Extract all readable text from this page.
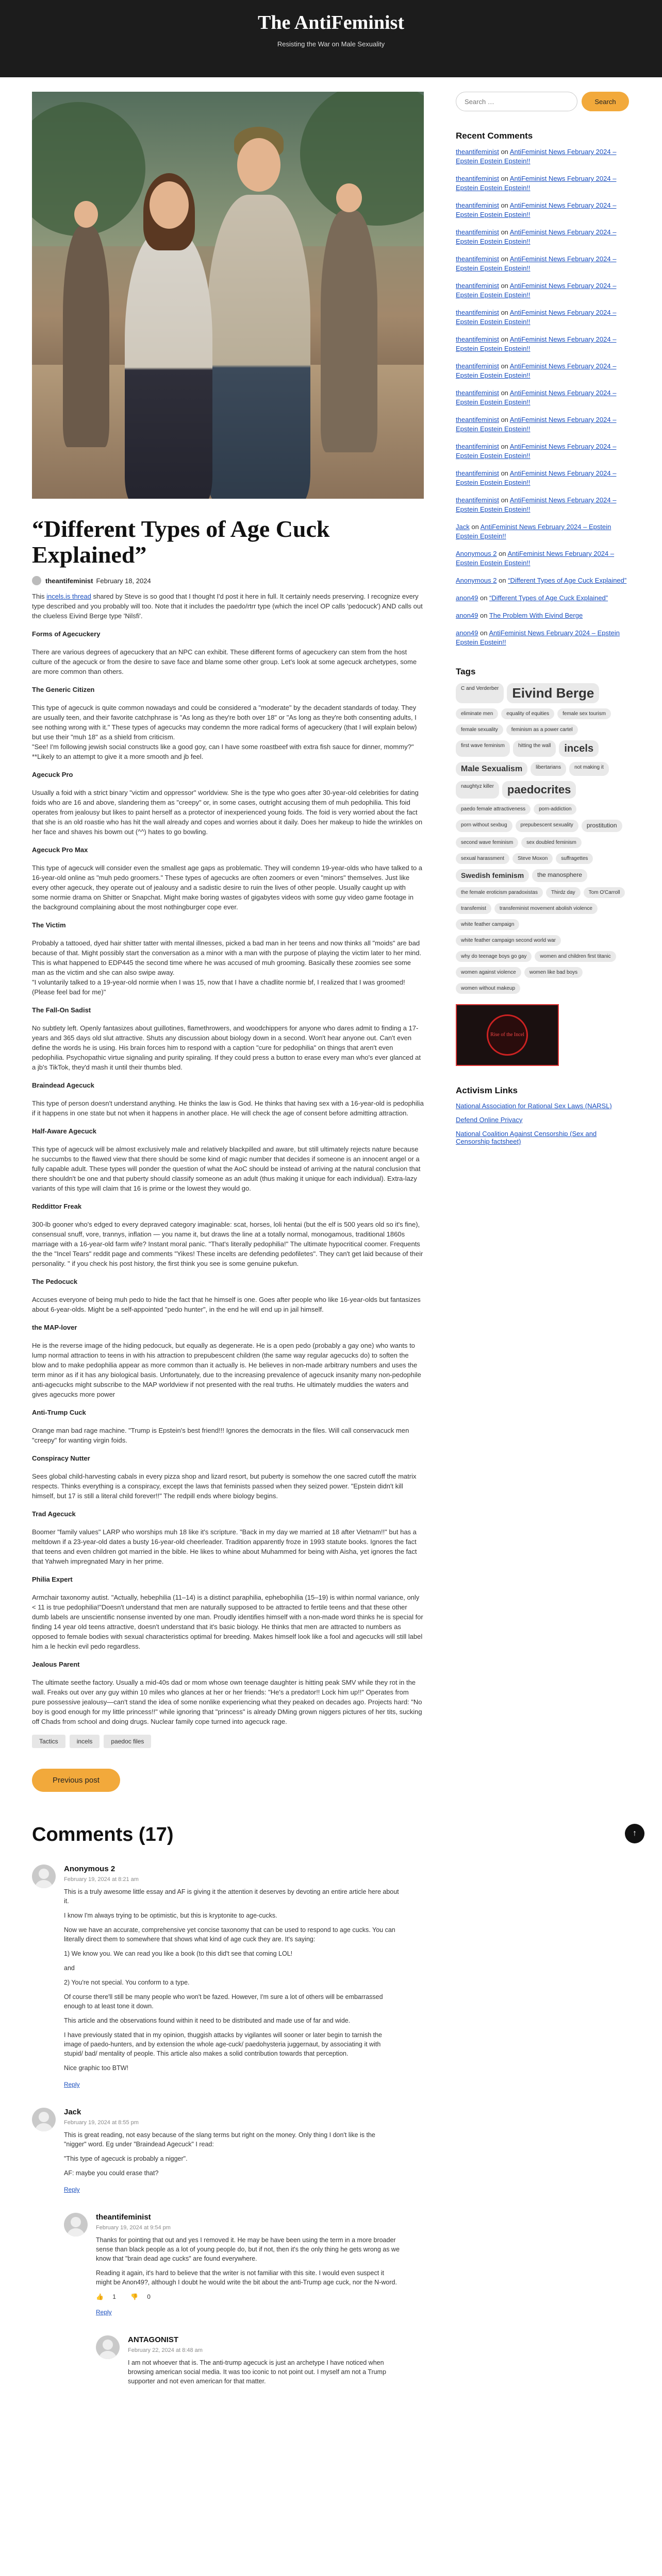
The AntiFeminist
Resisting the War on Male Sexuality
“Different Types of Age Cuck Explained”
theantifeminist February 18, 2024

This incels.is thread shared by Steve is so good that I thought I'd post it here in full. It certainly needs preserving. I recognize every type described and you probably will too. Note that it includes the paedo/rtrr type (which the incel OP calls 'pedocuck') AND calls out the clueless Eivind Berge type 'Nilsfi'.

Forms of Agecuckery

There are various degrees of agecuckery that an NPC can exhibit. These different forms of agecuckery can stem from the host culture of the agecuck or from the desire to save face and blame some other group. Let's look at some agecuck archetypes, some are more common than others.

The Generic Citizen

This type of agecuck is quite common nowadays and could be considered a "moderate" by the decadent standards of today. They are usually teen, and their favorite catchphrase is "As long as they're both over 18" or "As long as they're both consenting adults, I see nothing wrong with it." These types of agecucks may condemn the more radical forms of agecuckery (that I will explain below) but use their "muh 18" as a shield from criticism.
"See! I'm following jewish social constructs like a good goy, can I have some roastbeef with extra fish sauce for dinner, mommy?"
**Likely to an attempt to give it a more smooth and jb feel.

Agecuck Pro

Usually a foid with a strict binary "victim and oppressor" worldview. She is the type who goes after 30-year-old celebrities for dating foids who are 16 and above, slandering them as "creepy" or, in some cases, outright accusing them of muh pedophilia. This foid operates from jealousy but likes to paint herself as a protector of inexperienced young foids. The foid is very worried about the fact that she is an old roastie who has hit the wall already and copes and worries about it daily. Does her makeup to hide the wrinkles on her face and shaves his bowm out (^^) hates to go bowling.

Agecuck Pro Max

This type of agecuck will consider even the smallest age gaps as problematic. They will condemn 19-year-olds who have talked to a 16-year-old online as "muh pedo groomers." These types of agecucks are often zoomers or even "minors" themselves. Just like every other agecuck, they operate out of jealousy and a sadistic desire to ruin the lives of other people. Usually caught up with some normie drama on Shitter or Snapchat. Might make boring wastes of gigabytes videos with some guy video game footage in the background complaining about the most nothingburger cope ever.

The Victim

Probably a tattooed, dyed hair shitter tatter with mental illnesses, picked a bad man in her teens and now thinks all "moids" are bad because of that. Might possibly start the conversation as a minor with a man with the purpose of playing the victim later to her mind. This is what happened to EDP445 the second time where he was accused of muh grooming. Basically these zoomies see some man as the victim and she can also swipe away.
"I voluntarily talked to a 19-year-old normie when I was 15, now that I have a chadlite normie bf, I realized that I was groomed! (Please feel bad for me)"

The Fall-On Sadist

No subtlety left. Openly fantasizes about guillotines, flamethrowers, and woodchippers for anyone who dares admit to finding a 17-years and 365 days old slut attractive. Shuts any discussion about biology down in a second. Won't hear anyone out. Can't even define the words he is using. His brain forces him to respond with a caption "cure for pedophilia" on things that aren't even pedophilia. Psychopathic virtue signaling and purity spiraling. If they could press a button to erase every man who's ever glanced at a jb's TikTok, they'd mash it until their thumbs bled.

Braindead Agecuck

This type of person doesn't understand anything. He thinks the law is God. He thinks that having sex with a 16-year-old is pedophilia if it happens in one state but not when it happens in another place. He will check the age of consent before admitting attraction.

Half-Aware Agecuck

This type of agecuck will be almost exclusively male and relatively blackpilled and aware, but still ultimately rejects nature because he succumbs to the flawed view that there should be some kind of magic number that decides if someone is an innocent angel or a fully capable adult. These types will ponder the question of what the AoC should be instead of arriving at the natural conclusion that there shouldn't be one and that puberty should classify someone as an adult (thus making it unique for each individual). Extra-lazy variants of this type will claim that 16 is prime or the lowest they would go.

Reddittor Freak

300-lb gooner who's edged to every depraved category imaginable: scat, horses, loli hentai (but the elf is 500 years old so it's fine), consensual snuff, vore, trannys, inflation — you name it, but draws the line at a totally normal, monogamous, traditional 1860s marriage with a 16-year-old farm wife? Instant moral panic. "That's literally pedophilia!" The ultimate hypocritical coomer. Frequents the the "Incel Tears" reddit page and comments "Yikes! These incelts are defending pedofiletes". They can't get laid because of their personality. " if you check his post history, the first think you see is some genuine pukefun.

The Pedocuck

Accuses everyone of being muh pedo to hide the fact that he himself is one. Goes after people who like 16-year-olds but fantasizes about 6-year-olds. Might be a self-appointed "pedo hunter", in the end he will end up in jail himself.

the MAP-lover

He is the reverse image of the hiding pedocuck, but equally as degenerate. He is a open pedo (probably a gay one) who wants to lump normal attraction to teens in with his attraction to prepubescent children (the same way regular agecucks do) to soften the blow and to make pedophilia appear as more common than it actually is. He believes in non-made arbitrary numbers and uses the term minor as if it has any biological basis. Unfortunately, due to the increasing prevalence of agecuck insanity many non-pedophile anti-agecucks might subscribe to the MAP worldview if not presented with the real truths. He ultimately muddies the waters and gives agecucks more power

Anti-Trump Cuck

Orange man bad rage machine. "Trump is Epstein's best friend!!! Ignores the democrats in the files. Will call conservacuck men "creepy" for wanting virgin foids.

Conspiracy Nutter

Sees global child-harvesting cabals in every pizza shop and lizard resort, but puberty is somehow the one sacred cutoff the matrix respects. Thinks everything is a conspiracy, except the laws that feminists passed when they seized power. "Epstein didn't kill himself, but 17 is still a literal child forever!!" The redpill ends where biology begins.

Trad Agecuck

Boomer "family values" LARP who worships muh 18 like it's scripture. "Back in my day we married at 18 after Vietnam!!" but has a meltdown if a 23-year-old dates a busty 16-year-old cheerleader. Tradition apparently froze in 1993 statute books. Ignores the fact that teens and even children got married in the bible. He likes to whine about Muhammed for being with Aisha, yet ignores the fact that Yahweh impregnated Mary in her prime.

Philia Expert

Armchair taxonomy autist. "Actually, hebephilia (11–14) is a distinct paraphilia, ephebophilia (15–19) is within normal variance, only < 11 is true pedophilia!"Doesn't understand that men are naturally supposed to be attracted to fertile teens and that these other dumb labels are unscientific nonsense invented by one man. Proudly identifies himself with a non-made word thinks he is special for finding 14 year old teens attractive, doesn't understand that it's basic biology. He thinks that men are attracted to numbers as opposed to female bodies with sexual characteristics optimal for breeding. Makes himself look like a fool and agecucks will still label him a le heckin evil pedo regardless.

Jealous Parent

The ultimate seethe factory. Usually a mid-40s dad or mom whose own teenage daughter is hitting peak SMV while they rot in the wall. Freaks out over any guy within 10 miles who glances at her or her friends: "He's a predator!! Lock him up!!" Operates from pure possessive jealousy—can't stand the idea of some nonlike experiencing what they peaked on decades ago. Projects hard: "No boy is good enough for my little princess!!" while ignoring that "princess" is already DMing grown niggers pictures of her tits, sucking off Chads from school and doing drugs. Nuclear family cope turned into agecuck rage.

Tactics	incels	paedoc files
Previous post
Comments (17)
Anonymous 2
February 19, 2024 at 8:21 am

This is a truly awesome little essay and AF is giving it the attention it deserves by devoting an entire article here about it.

I know I'm always trying to be optimistic, but this is kryptonite to age-cucks.

Now we have an accurate, comprehensive yet concise taxonomy that can be used to respond to age cucks. You can literally direct them to somewhere that shows what kind of age cuck they are. It's saying:

1) We know you. We can read you like a book (to this did't see that coming LOL!

and

2) You're not special. You conform to a type.

Of course there'll still be many people who won't be fazed. However, I'm sure a lot of others will be embarrassed enough to at least tone it down.

This article and the observations found within it need to be distributed and made use of far and wide.

I have previously stated that in my opinion, thuggish attacks by vigilantes will sooner or later begin to tarnish the image of paedo-hunters, and by extension the whole age-cuck/ paedohysteria juggernaut, by associating it with stupid/ bad/ mentality of people. This article also makes a solid contribution towards that perception.

Nice graphic too BTW!

Reply
Jack
February 19, 2024 at 8:55 pm

This is great reading, not easy because of the slang terms but right on the money. Only thing I don't like is the "nigger" word. Eg under "Braindead Agecuck" I read:

"This type of agecuck is probably a nigger".

AF: maybe you could erase that?

Reply
theantifeminist
February 19, 2024 at 9:54 pm

Thanks for pointing that out and yes I removed it. He may be have been using the term in a more broader sense than black people as a lot of young people do, but if not, then it's the only thing he gets wrong as we know that "brain dead age cucks" are found everywhere.

Reading it again, it's hard to believe that the writer is not familiar with this site. I would even suspect it might be Anon49?, although I doubt he would write the bit about the anti-Trump age cuck, nor the N-word.

👍 1	👎 0
Reply
ANTAGONIST
February 22, 2024 at 8:48 am

I am not whoever that is. The anti-trump agecuck is just an archetype I have noticed when browsing american social media. It was too iconic to not point out. I myself am not a Trump supporter and not even american for that matter.

Search …
Search
Recent Comments
theantifeminist on AntiFeminist News February 2024 – Epstein Epstein Epstein!!
theantifeminist on AntiFeminist News February 2024 – Epstein Epstein Epstein!!
theantifeminist on AntiFeminist News February 2024 – Epstein Epstein Epstein!!
theantifeminist on AntiFeminist News February 2024 – Epstein Epstein Epstein!!
theantifeminist on AntiFeminist News February 2024 – Epstein Epstein Epstein!!
theantifeminist on AntiFeminist News February 2024 – Epstein Epstein Epstein!!
theantifeminist on AntiFeminist News February 2024 – Epstein Epstein Epstein!!
theantifeminist on AntiFeminist News February 2024 – Epstein Epstein Epstein!!
theantifeminist on AntiFeminist News February 2024 – Epstein Epstein Epstein!!
theantifeminist on AntiFeminist News February 2024 – Epstein Epstein Epstein!!
theantifeminist on AntiFeminist News February 2024 – Epstein Epstein Epstein!!
theantifeminist on AntiFeminist News February 2024 – Epstein Epstein Epstein!!
theantifeminist on AntiFeminist News February 2024 – Epstein Epstein Epstein!!
theantifeminist on AntiFeminist News February 2024 – Epstein Epstein Epstein!!
Jack on AntiFeminist News February 2024 – Epstein Epstein Epstein!!
Anonymous 2 on AntiFeminist News February 2024 – Epstein Epstein Epstein!!
Anonymous 2 on “Different Types of Age Cuck Explained”
anon49 on “Different Types of Age Cuck Explained”
anon49 on The Problem With Eivind Berge
anon49 on AntiFeminist News February 2024 – Epstein Epstein Epstein!!
Tags
C and Verderber	Eivind Berge
eliminate men	equality of equities	female sex tourism
female sexuality	feminism as a power cartel
first wave feminism	hitting the wall	incels
Male Sexualism	libertarians	not making it
naughtyz killer	paedocrites
paedo female attractiveness	porn-addiction
porn without sexbug	prepubescent sexuality	prostitution
second wave feminism	sex doubled feminism
sexual harassment	Steve Moxon	suffragettes
Swedish feminism	the manosphere
the female eroticism paradoxistas	Thirdz day	Tom O'Carroll
transfemist	transfeminist movement abolish violence
white feather campaign
white feather campaign second world war
why do teenage boys go gay	women and children first titanic
women against violence	women like bad boys
women without makeup
Rise of the Incel
Activism Links
National Association for Rational Sex Laws (NARSL)
Defend Online Privacy
National Coalition Against Censorship (Sex and Censorship factsheet)
↑
